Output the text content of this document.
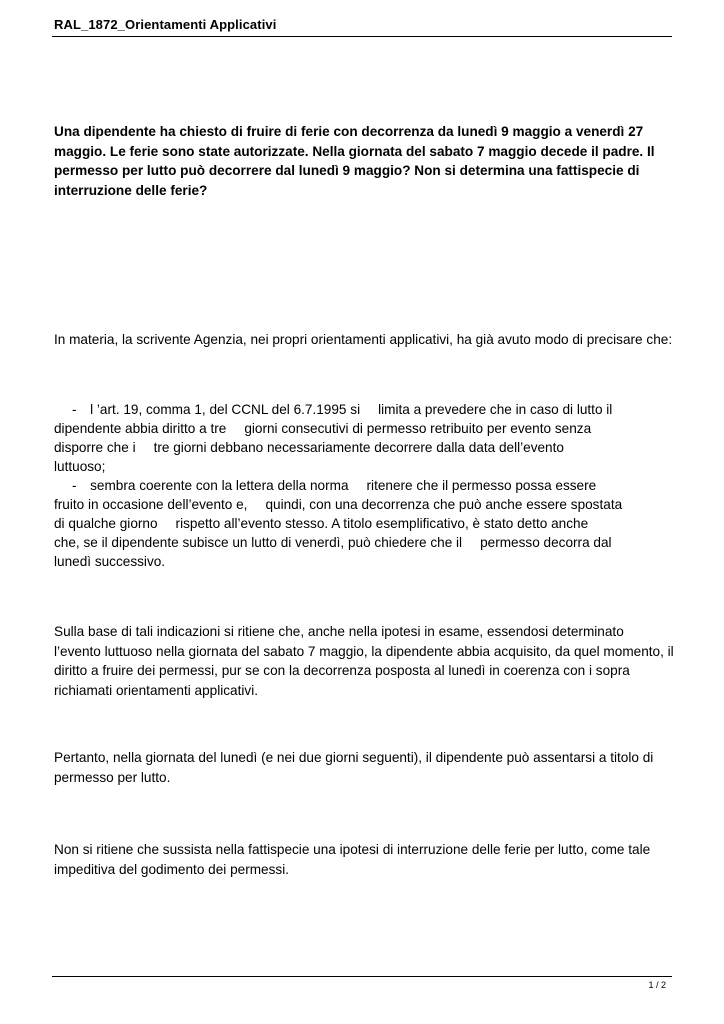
RAL_1872_Orientamenti Applicativi
Una dipendente ha chiesto di fruire di ferie con decorrenza da lunedì 9 maggio a venerdì 27 maggio. Le ferie sono state autorizzate. Nella giornata del sabato 7 maggio decede il padre. Il permesso per lutto può decorrere dal lunedì 9 maggio? Non si determina una fattispecie di interruzione delle ferie?

In materia, la scrivente Agenzia, nei propri orientamenti applicativi, ha già avuto modo di precisare che:

- l ’art. 19, comma 1, del CCNL del 6.7.1995 si limita a prevedere che in caso di lutto il
dipendente abbia diritto a tre giorni consecutivi di permesso retribuito per evento senza
disporre che i tre giorni debbano necessariamente decorrere dalla data dell’evento
luttuoso;
- sembra coerente con la lettera della norma ritenere che il permesso possa essere
fruito in occasione dell’evento e, quindi, con una decorrenza che può anche essere spostata
di qualche giorno rispetto all’evento stesso. A titolo esemplificativo, è stato detto anche
che, se il dipendente subisce un lutto di venerdì, può chiedere che il permesso decorra dal
lunedì successivo.

Sulla base di tali indicazioni si ritiene che, anche nella ipotesi in esame, essendosi determinato l’evento luttuoso nella giornata del sabato 7 maggio, la dipendente abbia acquisito, da quel momento, il diritto a fruire dei permessi, pur se con la decorrenza posposta al lunedì in coerenza con i sopra richiamati orientamenti applicativi.

Pertanto, nella giornata del lunedì (e nei due giorni seguenti), il dipendente può assentarsi a titolo di permesso per lutto.

Non si ritiene che sussista nella fattispecie una ipotesi di interruzione delle ferie per lutto, come tale impeditiva del godimento dei permessi.

1 / 2
